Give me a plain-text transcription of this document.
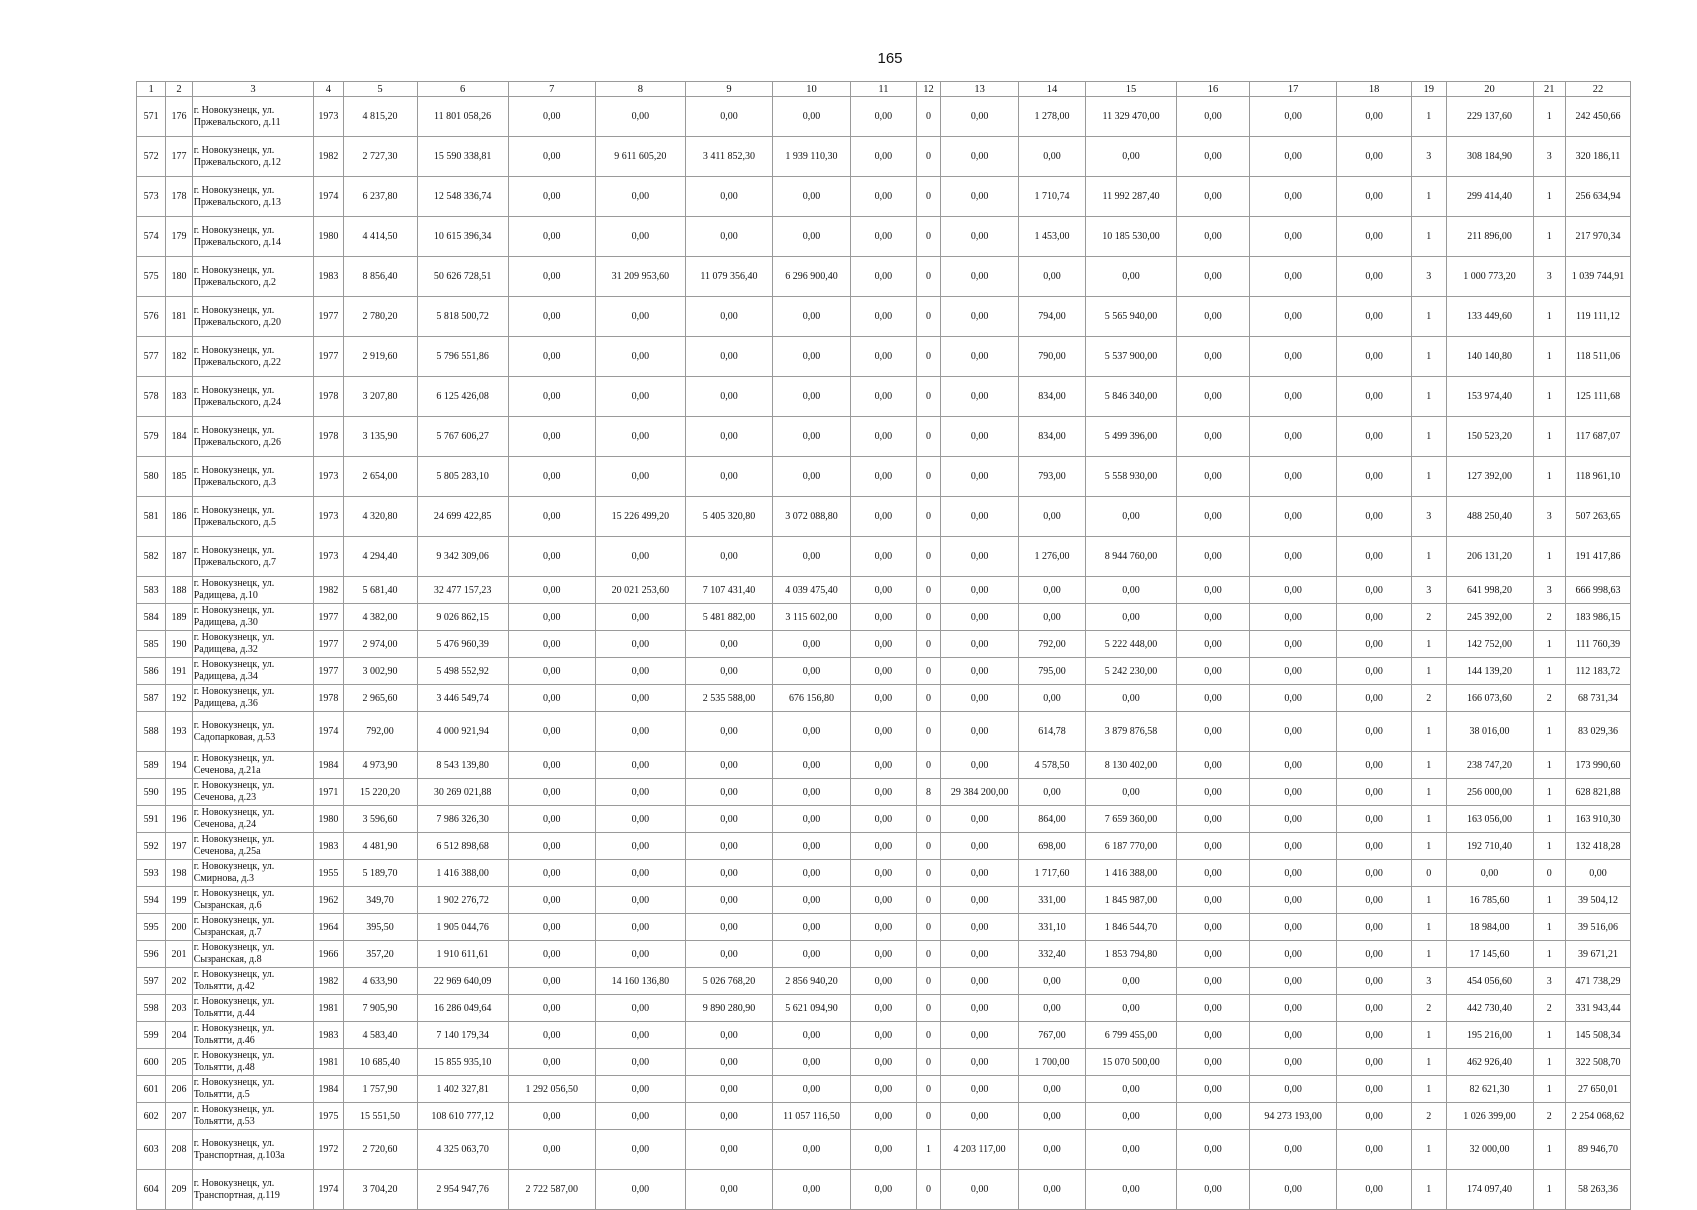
165
1	2	3	4	5	6	7	8	9	10	11	12	13	14	15	16	17	18	19	20	21	22
571	176	г. Новокузнецк, ул. Пржевальского, д.11	1973	4 815,20	11 801 058,26	0,00	0,00	0,00	0,00	0,00	0	0,00	1 278,00	11 329 470,00	0,00	0,00	0,00	1	229 137,60	1	242 450,66
572	177	г. Новокузнецк, ул. Пржевальского, д.12	1982	2 727,30	15 590 338,81	0,00	9 611 605,20	3 411 852,30	1 939 110,30	0,00	0	0,00	0,00	0,00	0,00	0,00	0,00	3	308 184,90	3	320 186,11
573	178	г. Новокузнецк, ул. Пржевальского, д.13	1974	6 237,80	12 548 336,74	0,00	0,00	0,00	0,00	0,00	0	0,00	1 710,74	11 992 287,40	0,00	0,00	0,00	1	299 414,40	1	256 634,94
574	179	г. Новокузнецк, ул. Пржевальского, д.14	1980	4 414,50	10 615 396,34	0,00	0,00	0,00	0,00	0,00	0	0,00	1 453,00	10 185 530,00	0,00	0,00	0,00	1	211 896,00	1	217 970,34
575	180	г. Новокузнецк, ул. Пржевальского, д.2	1983	8 856,40	50 626 728,51	0,00	31 209 953,60	11 079 356,40	6 296 900,40	0,00	0	0,00	0,00	0,00	0,00	0,00	0,00	3	1 000 773,20	3	1 039 744,91
576	181	г. Новокузнецк, ул. Пржевальского, д.20	1977	2 780,20	5 818 500,72	0,00	0,00	0,00	0,00	0,00	0	0,00	794,00	5 565 940,00	0,00	0,00	0,00	1	133 449,60	1	119 111,12
577	182	г. Новокузнецк, ул. Пржевальского, д.22	1977	2 919,60	5 796 551,86	0,00	0,00	0,00	0,00	0,00	0	0,00	790,00	5 537 900,00	0,00	0,00	0,00	1	140 140,80	1	118 511,06
578	183	г. Новокузнецк, ул. Пржевальского, д.24	1978	3 207,80	6 125 426,08	0,00	0,00	0,00	0,00	0,00	0	0,00	834,00	5 846 340,00	0,00	0,00	0,00	1	153 974,40	1	125 111,68
579	184	г. Новокузнецк, ул. Пржевальского, д.26	1978	3 135,90	5 767 606,27	0,00	0,00	0,00	0,00	0,00	0	0,00	834,00	5 499 396,00	0,00	0,00	0,00	1	150 523,20	1	117 687,07
580	185	г. Новокузнецк, ул. Пржевальского, д.3	1973	2 654,00	5 805 283,10	0,00	0,00	0,00	0,00	0,00	0	0,00	793,00	5 558 930,00	0,00	0,00	0,00	1	127 392,00	1	118 961,10
581	186	г. Новокузнецк, ул. Пржевальского, д.5	1973	4 320,80	24 699 422,85	0,00	15 226 499,20	5 405 320,80	3 072 088,80	0,00	0	0,00	0,00	0,00	0,00	0,00	0,00	3	488 250,40	3	507 263,65
582	187	г. Новокузнецк, ул. Пржевальского, д.7	1973	4 294,40	9 342 309,06	0,00	0,00	0,00	0,00	0,00	0	0,00	1 276,00	8 944 760,00	0,00	0,00	0,00	1	206 131,20	1	191 417,86
583	188	г. Новокузнецк, ул. Радищева, д.10	1982	5 681,40	32 477 157,23	0,00	20 021 253,60	7 107 431,40	4 039 475,40	0,00	0	0,00	0,00	0,00	0,00	0,00	0,00	3	641 998,20	3	666 998,63
584	189	г. Новокузнецк, ул. Радищева, д.30	1977	4 382,00	9 026 862,15	0,00	0,00	5 481 882,00	3 115 602,00	0,00	0	0,00	0,00	0,00	0,00	0,00	0,00	2	245 392,00	2	183 986,15
585	190	г. Новокузнецк, ул. Радищева, д.32	1977	2 974,00	5 476 960,39	0,00	0,00	0,00	0,00	0,00	0	0,00	792,00	5 222 448,00	0,00	0,00	0,00	1	142 752,00	1	111 760,39
586	191	г. Новокузнецк, ул. Радищева, д.34	1977	3 002,90	5 498 552,92	0,00	0,00	0,00	0,00	0,00	0	0,00	795,00	5 242 230,00	0,00	0,00	0,00	1	144 139,20	1	112 183,72
587	192	г. Новокузнецк, ул. Радищева, д.36	1978	2 965,60	3 446 549,74	0,00	0,00	2 535 588,00	676 156,80	0,00	0	0,00	0,00	0,00	0,00	0,00	0,00	2	166 073,60	2	68 731,34
588	193	г. Новокузнецк, ул. Садопарковая, д.53	1974	792,00	4 000 921,94	0,00	0,00	0,00	0,00	0,00	0	0,00	614,78	3 879 876,58	0,00	0,00	0,00	1	38 016,00	1	83 029,36
589	194	г. Новокузнецк, ул. Сеченова, д.21а	1984	4 973,90	8 543 139,80	0,00	0,00	0,00	0,00	0,00	0	0,00	4 578,50	8 130 402,00	0,00	0,00	0,00	1	238 747,20	1	173 990,60
590	195	г. Новокузнецк, ул. Сеченова, д.23	1971	15 220,20	30 269 021,88	0,00	0,00	0,00	0,00	0,00	8	29 384 200,00	0,00	0,00	0,00	0,00	0,00	1	256 000,00	1	628 821,88
591	196	г. Новокузнецк, ул. Сеченова, д.24	1980	3 596,60	7 986 326,30	0,00	0,00	0,00	0,00	0,00	0	0,00	864,00	7 659 360,00	0,00	0,00	0,00	1	163 056,00	1	163 910,30
592	197	г. Новокузнецк, ул. Сеченова, д.25а	1983	4 481,90	6 512 898,68	0,00	0,00	0,00	0,00	0,00	0	0,00	698,00	6 187 770,00	0,00	0,00	0,00	1	192 710,40	1	132 418,28
593	198	г. Новокузнецк, ул. Смирнова, д.3	1955	5 189,70	1 416 388,00	0,00	0,00	0,00	0,00	0,00	0	0,00	1 717,60	1 416 388,00	0,00	0,00	0,00	0	0,00	0	0,00
594	199	г. Новокузнецк, ул. Сызранская, д.6	1962	349,70	1 902 276,72	0,00	0,00	0,00	0,00	0,00	0	0,00	331,00	1 845 987,00	0,00	0,00	0,00	1	16 785,60	1	39 504,12
595	200	г. Новокузнецк, ул. Сызранская, д.7	1964	395,50	1 905 044,76	0,00	0,00	0,00	0,00	0,00	0	0,00	331,10	1 846 544,70	0,00	0,00	0,00	1	18 984,00	1	39 516,06
596	201	г. Новокузнецк, ул. Сызранская, д.8	1966	357,20	1 910 611,61	0,00	0,00	0,00	0,00	0,00	0	0,00	332,40	1 853 794,80	0,00	0,00	0,00	1	17 145,60	1	39 671,21
597	202	г. Новокузнецк, ул. Тольятти, д.42	1982	4 633,90	22 969 640,09	0,00	14 160 136,80	5 026 768,20	2 856 940,20	0,00	0	0,00	0,00	0,00	0,00	0,00	0,00	3	454 056,60	3	471 738,29
598	203	г. Новокузнецк, ул. Тольятти, д.44	1981	7 905,90	16 286 049,64	0,00	0,00	9 890 280,90	5 621 094,90	0,00	0	0,00	0,00	0,00	0,00	0,00	0,00	2	442 730,40	2	331 943,44
599	204	г. Новокузнецк, ул. Тольятти, д.46	1983	4 583,40	7 140 179,34	0,00	0,00	0,00	0,00	0,00	0	0,00	767,00	6 799 455,00	0,00	0,00	0,00	1	195 216,00	1	145 508,34
600	205	г. Новокузнецк, ул. Тольятти, д.48	1981	10 685,40	15 855 935,10	0,00	0,00	0,00	0,00	0,00	0	0,00	1 700,00	15 070 500,00	0,00	0,00	0,00	1	462 926,40	1	322 508,70
601	206	г. Новокузнецк, ул. Тольятти, д.5	1984	1 757,90	1 402 327,81	1 292 056,50	0,00	0,00	0,00	0,00	0	0,00	0,00	0,00	0,00	0,00	0,00	1	82 621,30	1	27 650,01
602	207	г. Новокузнецк, ул. Тольятти, д.53	1975	15 551,50	108 610 777,12	0,00	0,00	0,00	11 057 116,50	0,00	0	0,00	0,00	0,00	0,00	94 273 193,00	0,00	2	1 026 399,00	2	2 254 068,62
603	208	г. Новокузнецк, ул. Транспортная, д.103а	1972	2 720,60	4 325 063,70	0,00	0,00	0,00	0,00	0,00	1	4 203 117,00	0,00	0,00	0,00	0,00	0,00	1	32 000,00	1	89 946,70
604	209	г. Новокузнецк, ул. Транспортная, д.119	1974	3 704,20	2 954 947,76	2 722 587,00	0,00	0,00	0,00	0,00	0	0,00	0,00	0,00	0,00	0,00	0,00	1	174 097,40	1	58 263,36
